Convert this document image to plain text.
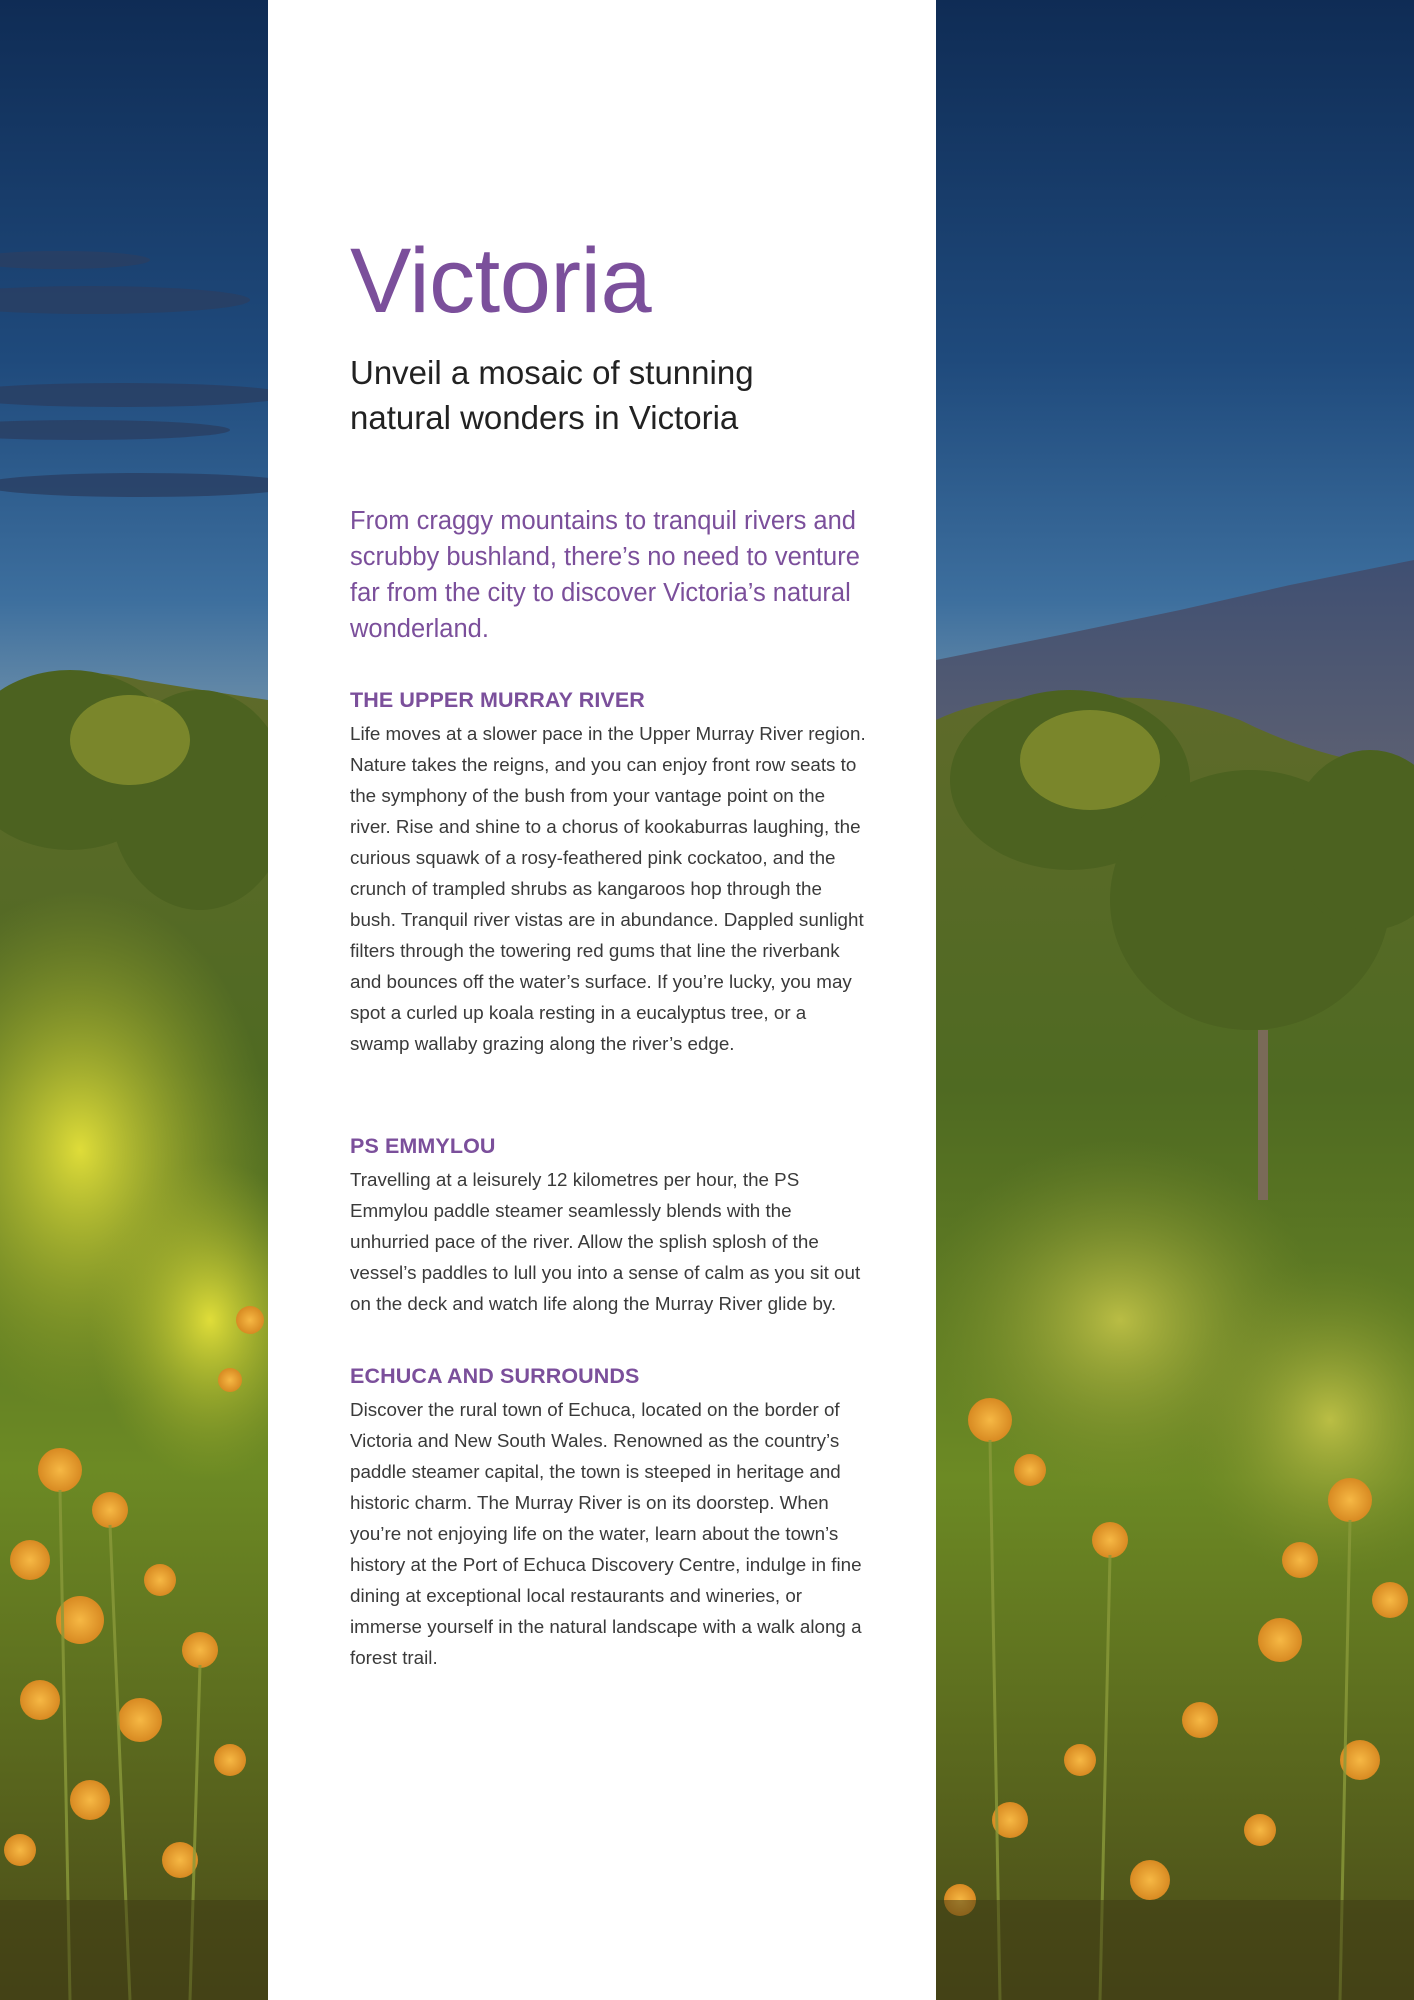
Victoria

Unveil a mosaic of stunning natural wonders in Victoria

From craggy mountains to tranquil rivers and scrubby bushland, there’s no need to venture far from the city to discover Victoria’s natural wonderland.

THE UPPER MURRAY RIVER

Life moves at a slower pace in the Upper Murray River region. Nature takes the reigns, and you can enjoy front row seats to the symphony of the bush from your vantage point on the river. Rise and shine to a chorus of kookaburras laughing, the curious squawk of a rosy-feathered pink cockatoo, and the crunch of trampled shrubs as kangaroos hop through the bush. Tranquil river vistas are in abundance. Dappled sunlight filters through the towering red gums that line the riverbank and bounces off the water’s surface. If you’re lucky, you may spot a curled up koala resting in a eucalyptus tree, or a swamp wallaby grazing along the river’s edge.

PS EMMYLOU

Travelling at a leisurely 12 kilometres per hour, the PS Emmylou paddle steamer seamlessly blends with the unhurried pace of the river. Allow the splish splosh of the vessel’s paddles to lull you into a sense of calm as you sit out on the deck and watch life along the Murray River glide by.

ECHUCA AND SURROUNDS

Discover the rural town of Echuca, located on the border of Victoria and New South Wales. Renowned as the country’s paddle steamer capital, the town is steeped in heritage and historic charm. The Murray River is on its doorstep. When you’re not enjoying life on the water, learn about the town’s history at the Port of Echuca Discovery Centre, indulge in fine dining at exceptional local restaurants and wineries, or immerse yourself in the natural landscape with a walk along a forest trail.
